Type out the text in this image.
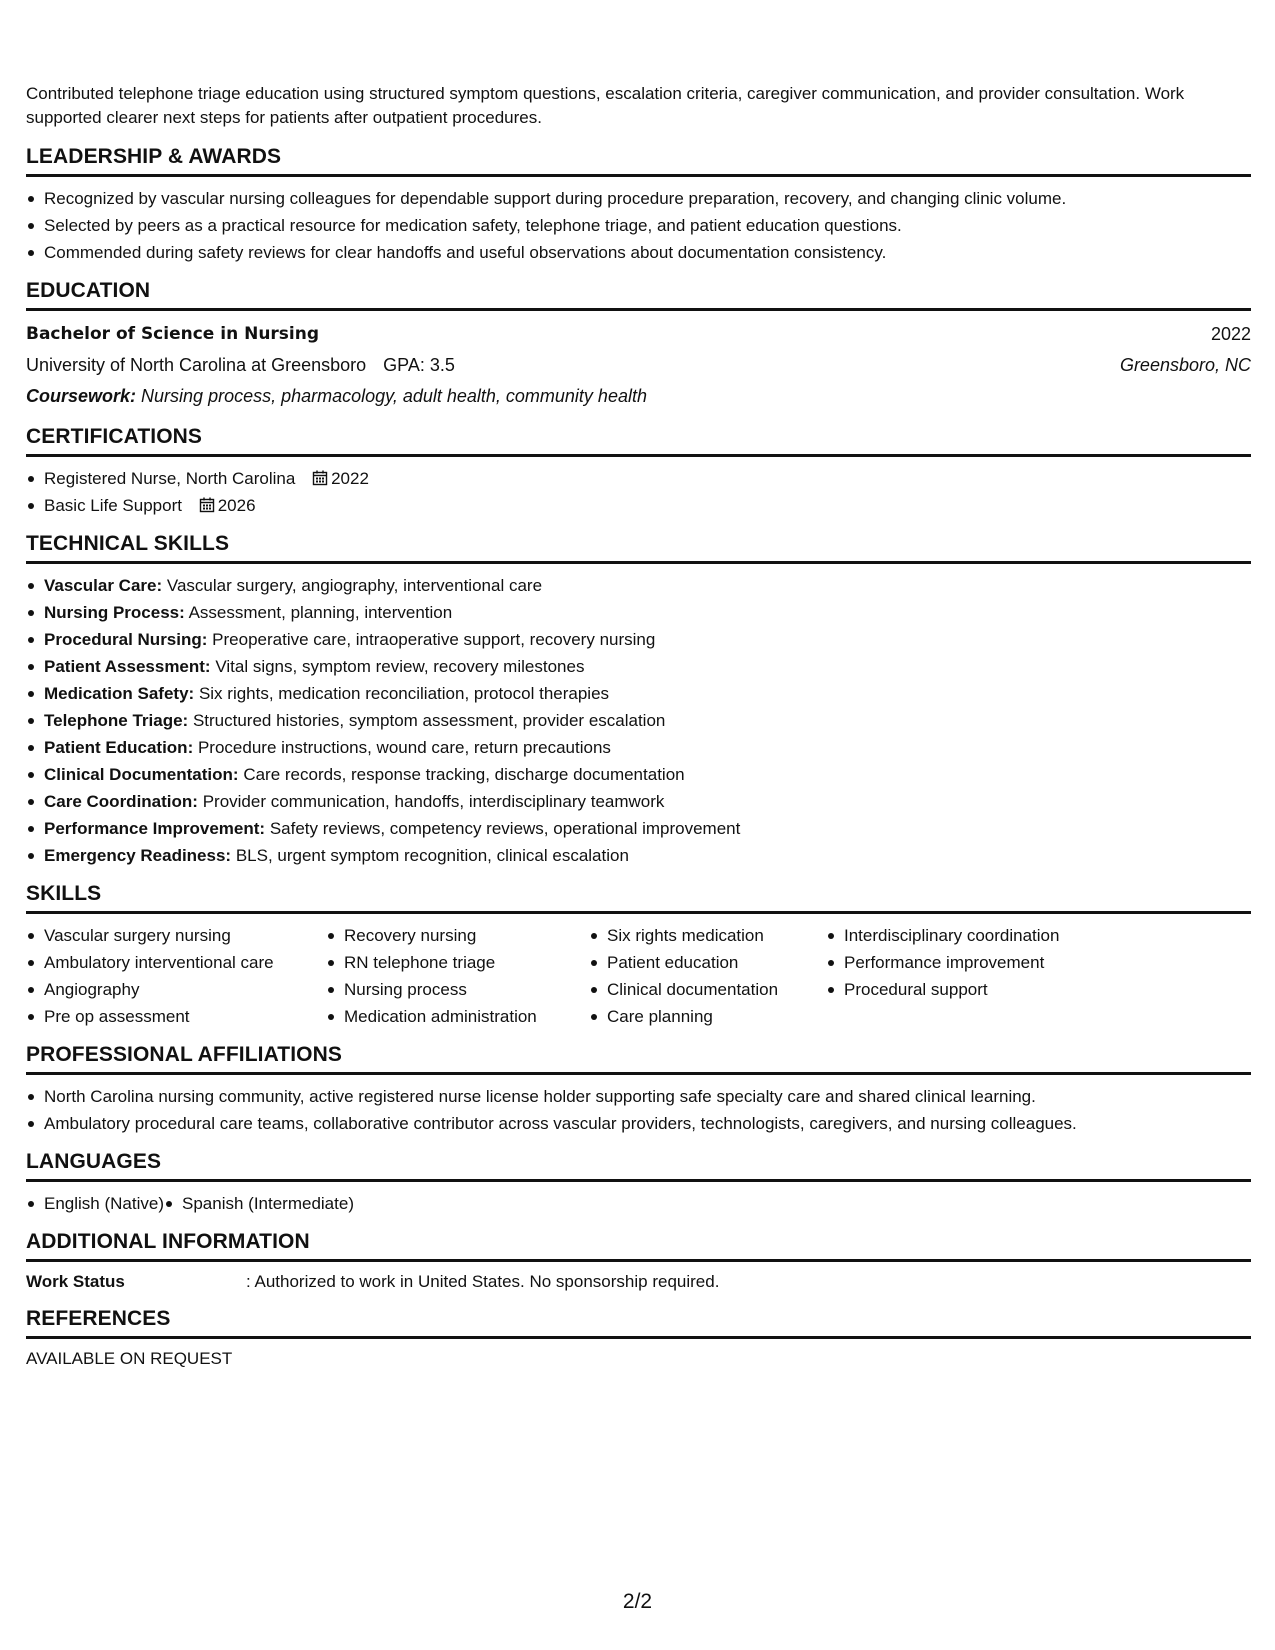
Contributed telephone triage education using structured symptom questions, escalation criteria, caregiver communication, and provider consultation. Work supported clearer next steps for patients after outpatient procedures.

LEADERSHIP & AWARDS
Recognized by vascular nursing colleagues for dependable support during procedure preparation, recovery, and changing clinic volume.
Selected by peers as a practical resource for medication safety, telephone triage, and patient education questions.
Commended during safety reviews for clear handoffs and useful observations about documentation consistency.
EDUCATION
Bachelor of Science in Nursing	2022
University of North Carolina at Greensboro GPA: 3.5	Greensboro, NC
Coursework: Nursing process, pharmacology, adult health, community health
CERTIFICATIONS
Registered Nurse, North Carolina 2022
Basic Life Support 2026
TECHNICAL SKILLS
Vascular Care: Vascular surgery, angiography, interventional care
Nursing Process: Assessment, planning, intervention
Procedural Nursing: Preoperative care, intraoperative support, recovery nursing
Patient Assessment: Vital signs, symptom review, recovery milestones
Medication Safety: Six rights, medication reconciliation, protocol therapies
Telephone Triage: Structured histories, symptom assessment, provider escalation
Patient Education: Procedure instructions, wound care, return precautions
Clinical Documentation: Care records, response tracking, discharge documentation
Care Coordination: Provider communication, handoffs, interdisciplinary teamwork
Performance Improvement: Safety reviews, competency reviews, operational improvement
Emergency Readiness: BLS, urgent symptom recognition, clinical escalation
SKILLS
Vascular surgery nursing
Ambulatory interventional care
Angiography
Pre op assessment
Recovery nursing
RN telephone triage
Nursing process
Medication administration
Six rights medication
Patient education
Clinical documentation
Care planning
Interdisciplinary coordination
Performance improvement
Procedural support
PROFESSIONAL AFFILIATIONS
North Carolina nursing community, active registered nurse license holder supporting safe specialty care and shared clinical learning.
Ambulatory procedural care teams, collaborative contributor across vascular providers, technologists, caregivers, and nursing colleagues.
LANGUAGES
English (Native)	Spanish (Intermediate)
ADDITIONAL INFORMATION
Work Status	: Authorized to work in United States. No sponsorship required.
REFERENCES
AVAILABLE ON REQUEST
2/2
